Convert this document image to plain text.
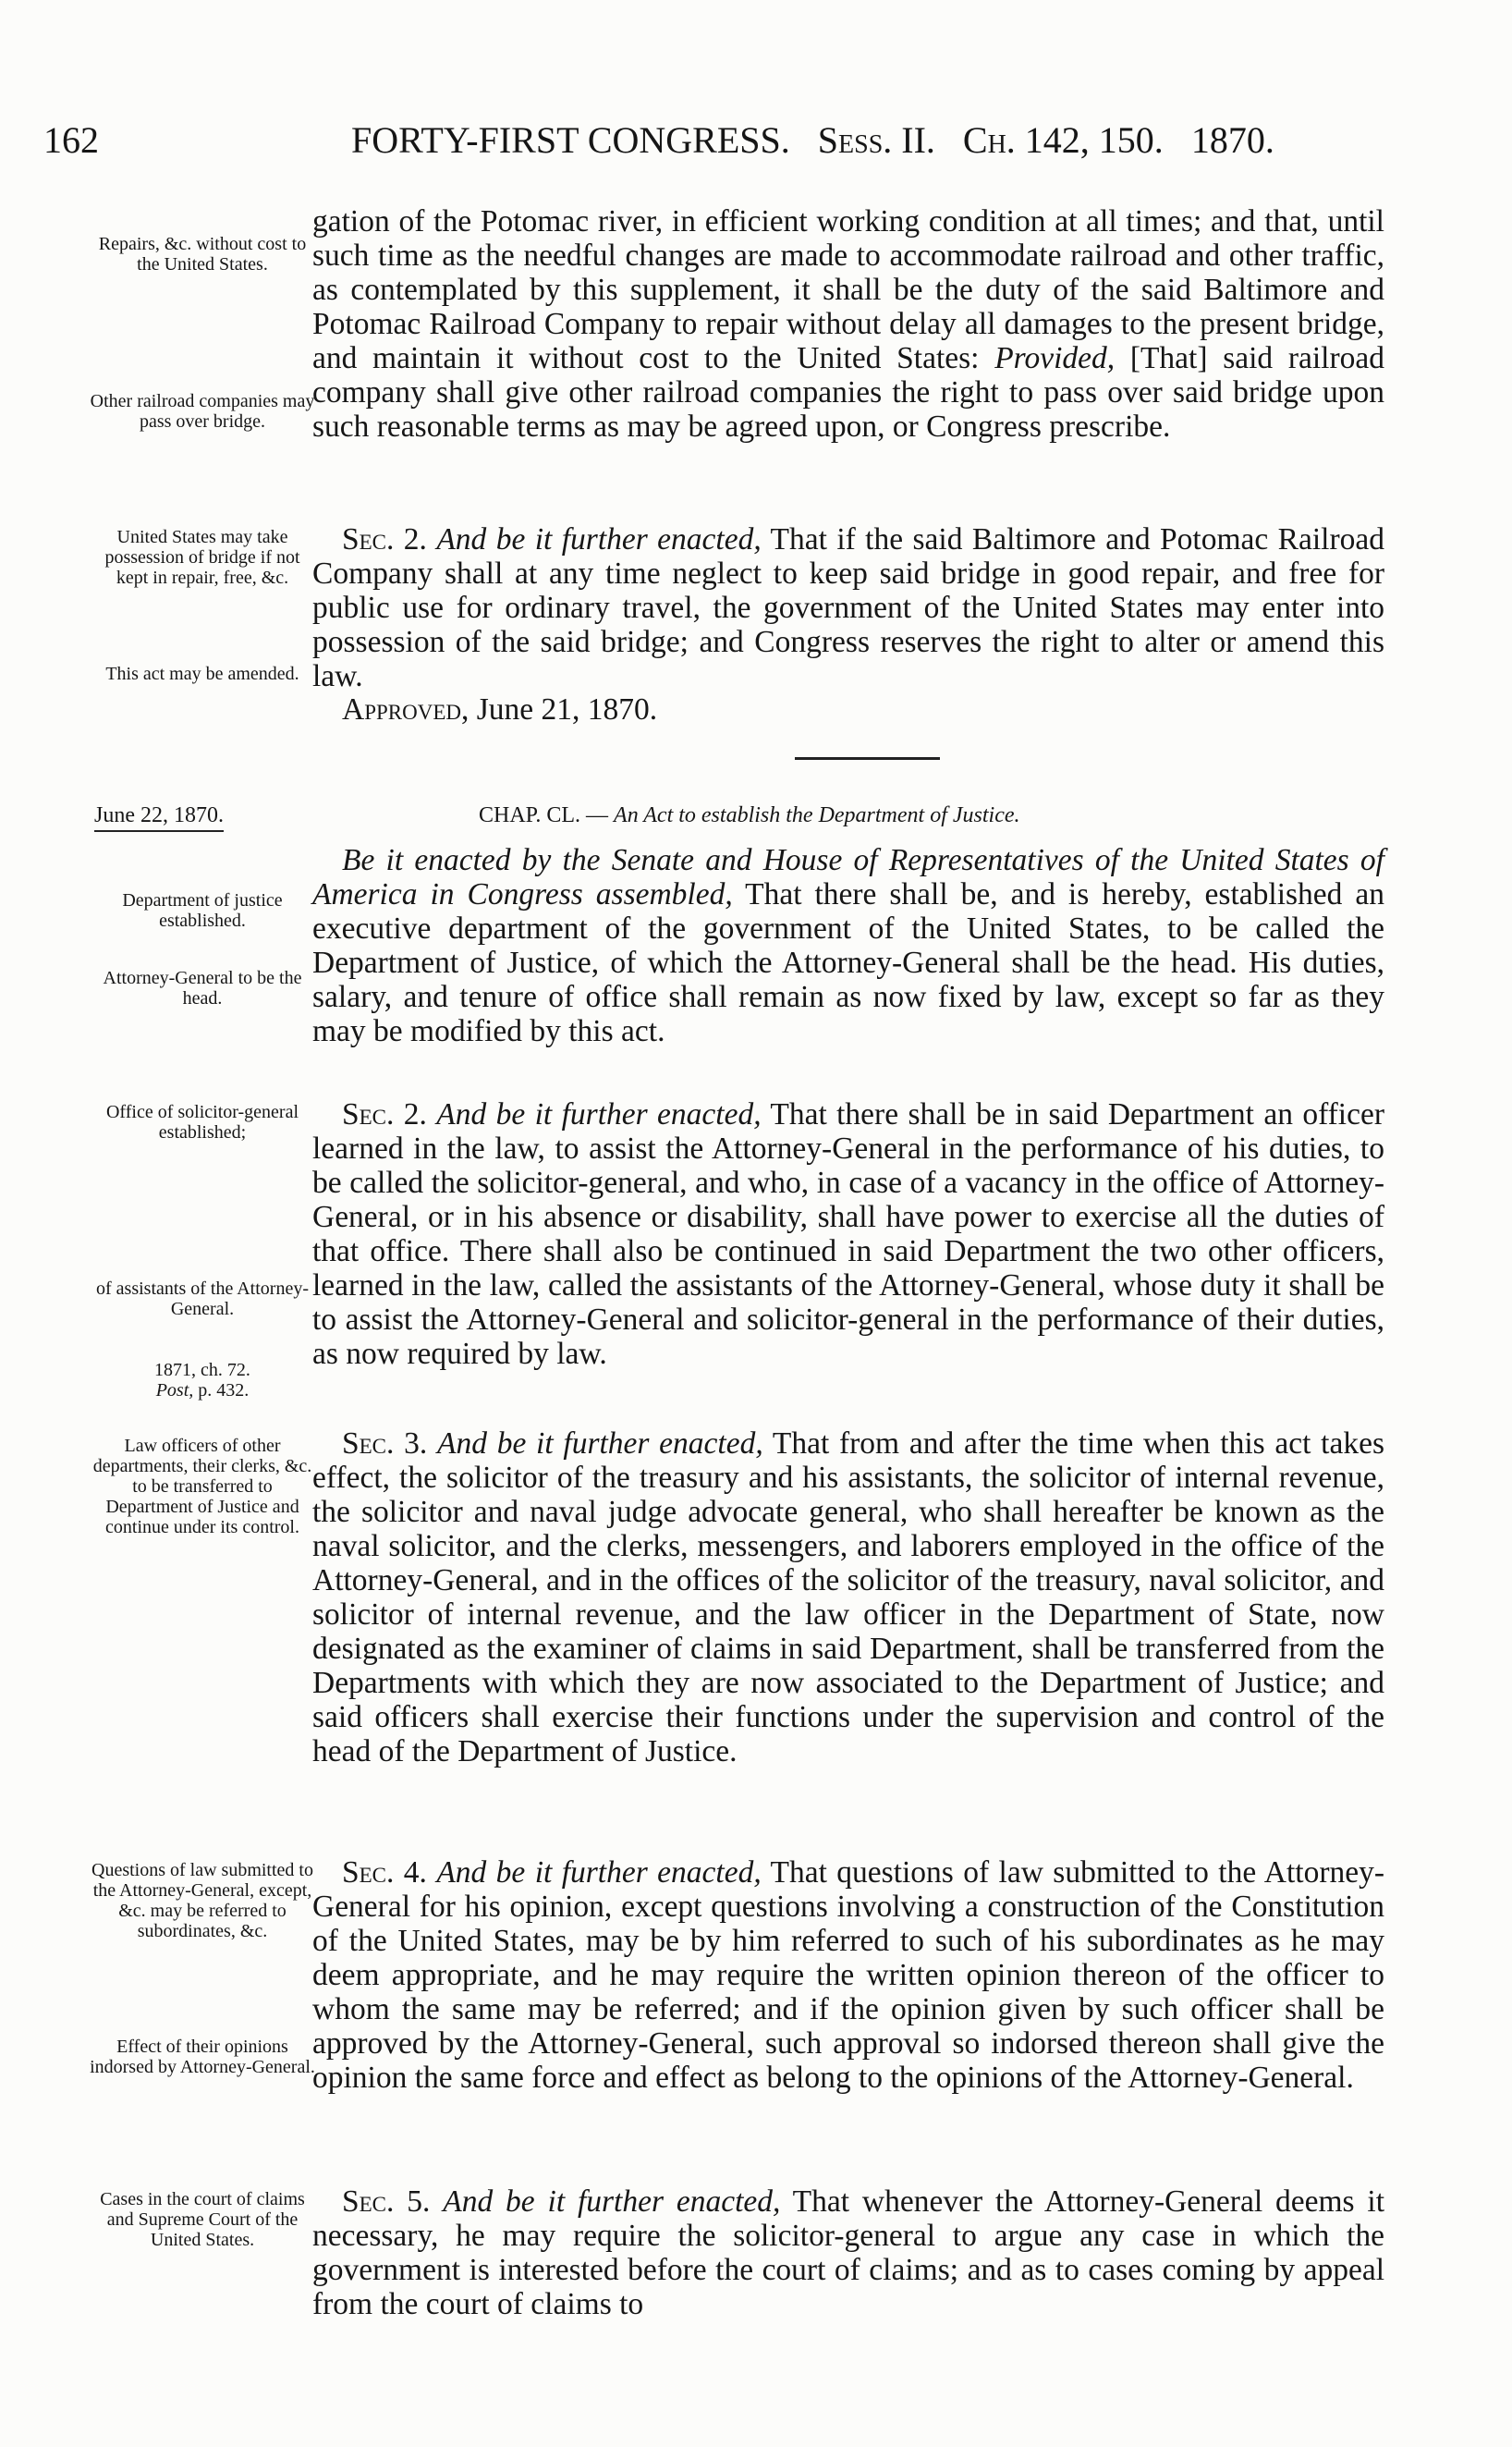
162	FORTY-FIRST CONGRESS. Sess. II. Ch. 142, 150. 1870.

gation of the Potomac river, in efficient working condition at all times; and that, until such time as the needful changes are made to accommodate railroad and other traffic, as contemplated by this supplement, it shall be the duty of the said Baltimore and Potomac Railroad Company to repair without delay all damages to the present bridge, and maintain it without cost to the United States: Provided, [That] said railroad company shall give other railroad companies the right to pass over said bridge upon such reasonable terms as may be agreed upon, or Congress prescribe.

Sec. 2. And be it further enacted, That if the said Baltimore and Potomac Railroad Company shall at any time neglect to keep said bridge in good repair, and free for public use for ordinary travel, the government of the United States may enter into possession of the said bridge; and Congress reserves the right to alter or amend this law.

Approved, June 21, 1870.

June 22, 1870.	CHAP. CL. — An Act to establish the Department of Justice.

Be it enacted by the Senate and House of Representatives of the United States of America in Congress assembled, That there shall be, and is hereby, established an executive department of the government of the United States, to be called the Department of Justice, of which the Attorney-General shall be the head. His duties, salary, and tenure of office shall remain as now fixed by law, except so far as they may be modified by this act.

Sec. 2. And be it further enacted, That there shall be in said Department an officer learned in the law, to assist the Attorney-General in the performance of his duties, to be called the solicitor-general, and who, in case of a vacancy in the office of Attorney-General, or in his absence or disability, shall have power to exercise all the duties of that office. There shall also be continued in said Department the two other officers, learned in the law, called the assistants of the Attorney-General, whose duty it shall be to assist the Attorney-General and solicitor-general in the performance of their duties, as now required by law.

Sec. 3. And be it further enacted, That from and after the time when this act takes effect, the solicitor of the treasury and his assistants, the solicitor of internal revenue, the solicitor and naval judge advocate general, who shall hereafter be known as the naval solicitor, and the clerks, messengers, and laborers employed in the office of the Attorney-General, and in the offices of the solicitor of the treasury, naval solicitor, and solicitor of internal revenue, and the law officer in the Department of State, now designated as the examiner of claims in said Department, shall be transferred from the Departments with which they are now associated to the Department of Justice; and said officers shall exercise their functions under the supervision and control of the head of the Department of Justice.

Sec. 4. And be it further enacted, That questions of law submitted to the Attorney-General for his opinion, except questions involving a construction of the Constitution of the United States, may be by him referred to such of his subordinates as he may deem appropriate, and he may require the written opinion thereon of the officer to whom the same may be referred; and if the opinion given by such officer shall be approved by the Attorney-General, such approval so indorsed thereon shall give the opinion the same force and effect as belong to the opinions of the Attorney-General.

Sec. 5. And be it further enacted, That whenever the Attorney-General deems it necessary, he may require the solicitor-general to argue any case in which the government is interested before the court of claims; and as to cases coming by appeal from the court of claims to

Repairs, &c. without cost to the United States.

Other railroad companies may pass over bridge.

United States may take possession of bridge if not kept in repair, free, &c.

This act may be amended.

Department of justice established.

Attorney-General to be the head.

Office of solicitor-general established;

of assistants of the Attorney-General.

1871, ch. 72.
Post, p. 432.

Law officers of other departments, their clerks, &c. to be transferred to Department of Justice and continue under its control.

Questions of law submitted to the Attorney-General, except, &c. may be referred to subordinates, &c.

Effect of their opinions indorsed by Attorney-General.

Cases in the court of claims and Supreme Court of the United States.
